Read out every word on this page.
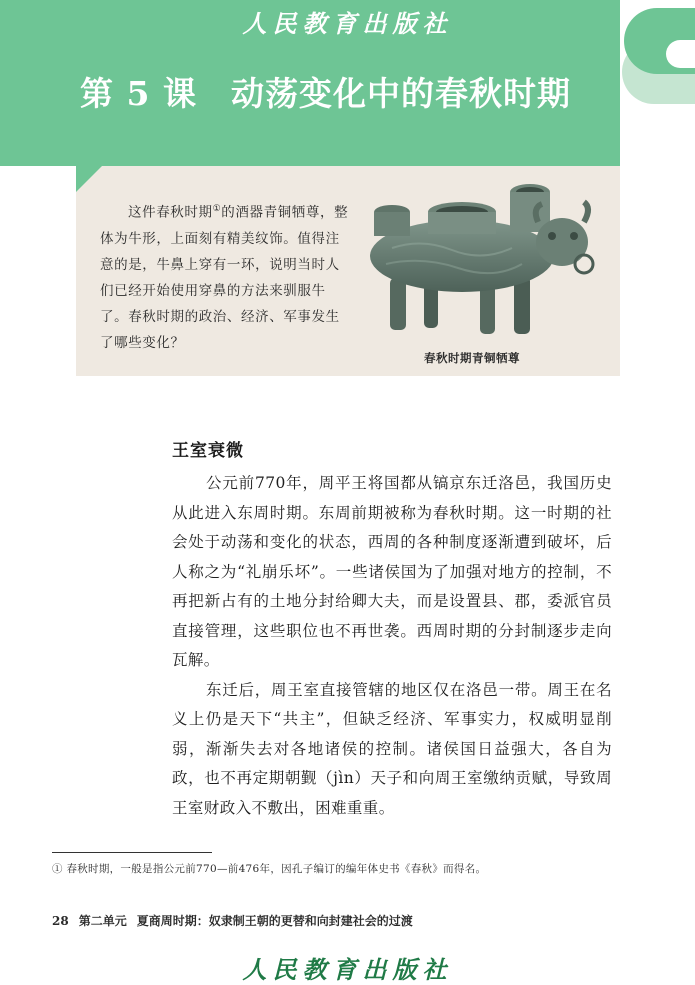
人民教育出版社
第 5 课 动荡变化中的春秋时期

这件春秋时期①的酒器青铜牺尊，整体为牛形，上面刻有精美纹饰。值得注意的是，牛鼻上穿有一环，说明当时人们已经开始使用穿鼻的方法来驯服牛了。春秋时期的政治、经济、军事发生了哪些变化？

春秋时期青铜牺尊
王室衰微

公元前770年，周平王将国都从镐京东迁洛邑，我国历史从此进入东周时期。东周前期被称为春秋时期。这一时期的社会处于动荡和变化的状态，西周的各种制度逐渐遭到破坏，后人称之为“礼崩乐坏”。一些诸侯国为了加强对地方的控制，不再把新占有的土地分封给卿大夫，而是设置县、郡，委派官员直接管理，这些职位也不再世袭。西周时期的分封制逐步走向瓦解。

东迁后，周王室直接管辖的地区仅在洛邑一带。周王在名义上仍是天下“共主”，但缺乏经济、军事实力，权威明显削弱，渐渐失去对各地诸侯的控制。诸侯国日益强大，各自为政，也不再定期朝觐（jìn）天子和向周王室缴纳贡赋，导致周王室财政入不敷出，困难重重。

① 春秋时期，一般是指公元前770—前476年，因孔子编订的编年体史书《春秋》而得名。
28 第二单元 夏商周时期：奴隶制王朝的更替和向封建社会的过渡
人民教育出版社
